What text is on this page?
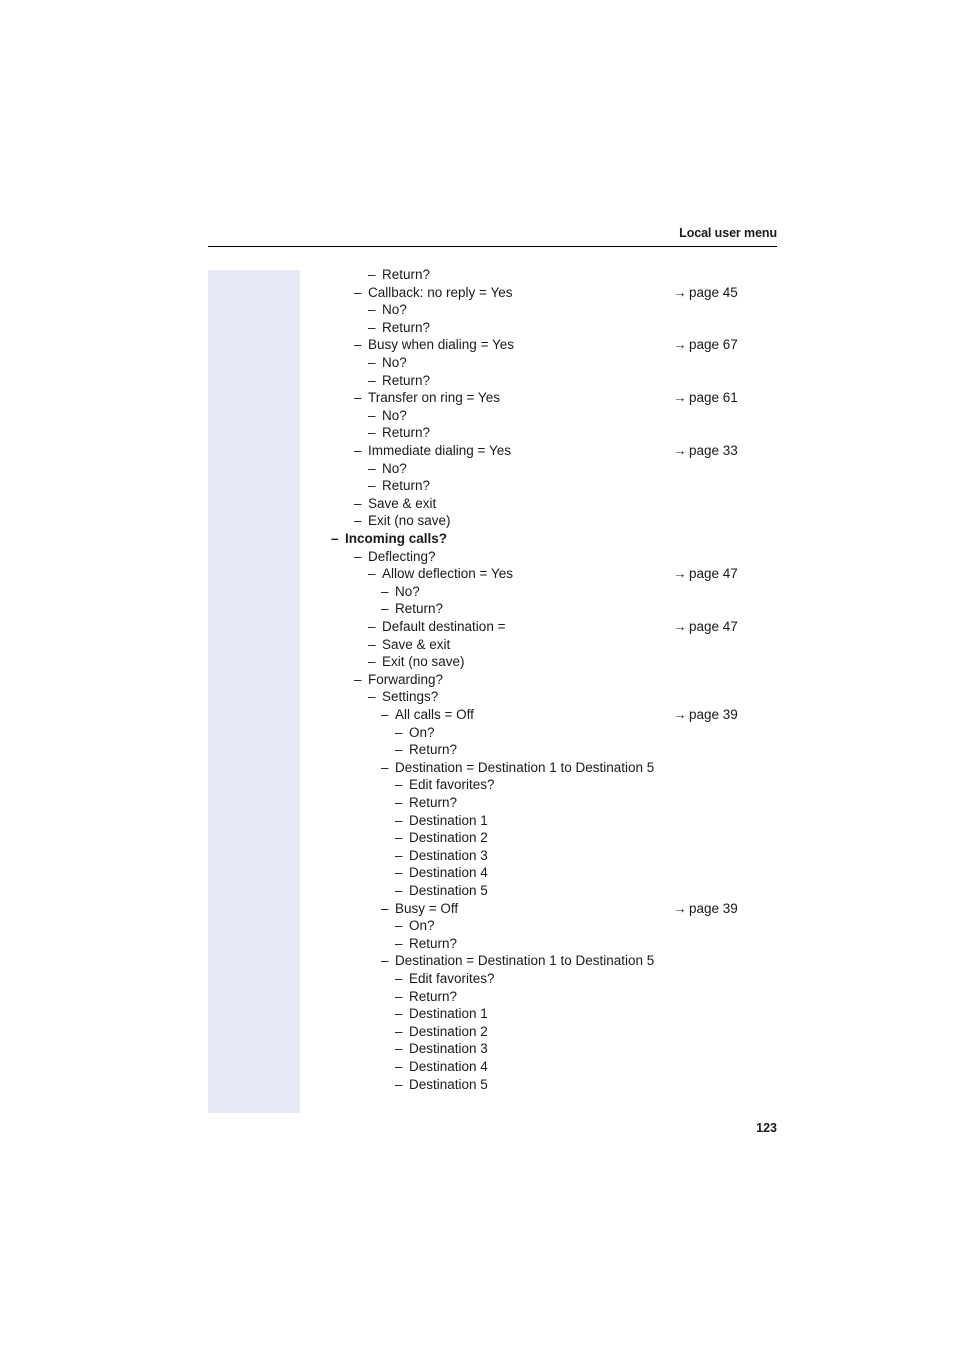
Local user menu
– Return?
– Callback: no reply = Yes	→ page 45
– No?
– Return?
– Busy when dialing = Yes	→ page 67
– No?
– Return?
– Transfer on ring = Yes	→ page 61
– No?
– Return?
– Immediate dialing = Yes	→ page 33
– No?
– Return?
– Save & exit
– Exit (no save)
– Incoming calls?
– Deflecting?
– Allow deflection = Yes	→ page 47
– No?
– Return?
– Default destination =	→ page 47
– Save & exit
– Exit (no save)
– Forwarding?
– Settings?
– All calls = Off	→ page 39
– On?
– Return?
– Destination = Destination 1 to Destination 5
– Edit favorites?
– Return?
– Destination 1
– Destination 2
– Destination 3
– Destination 4
– Destination 5
– Busy = Off	→ page 39
– On?
– Return?
– Destination = Destination 1 to Destination 5
– Edit favorites?
– Return?
– Destination 1
– Destination 2
– Destination 3
– Destination 4
– Destination 5
123
